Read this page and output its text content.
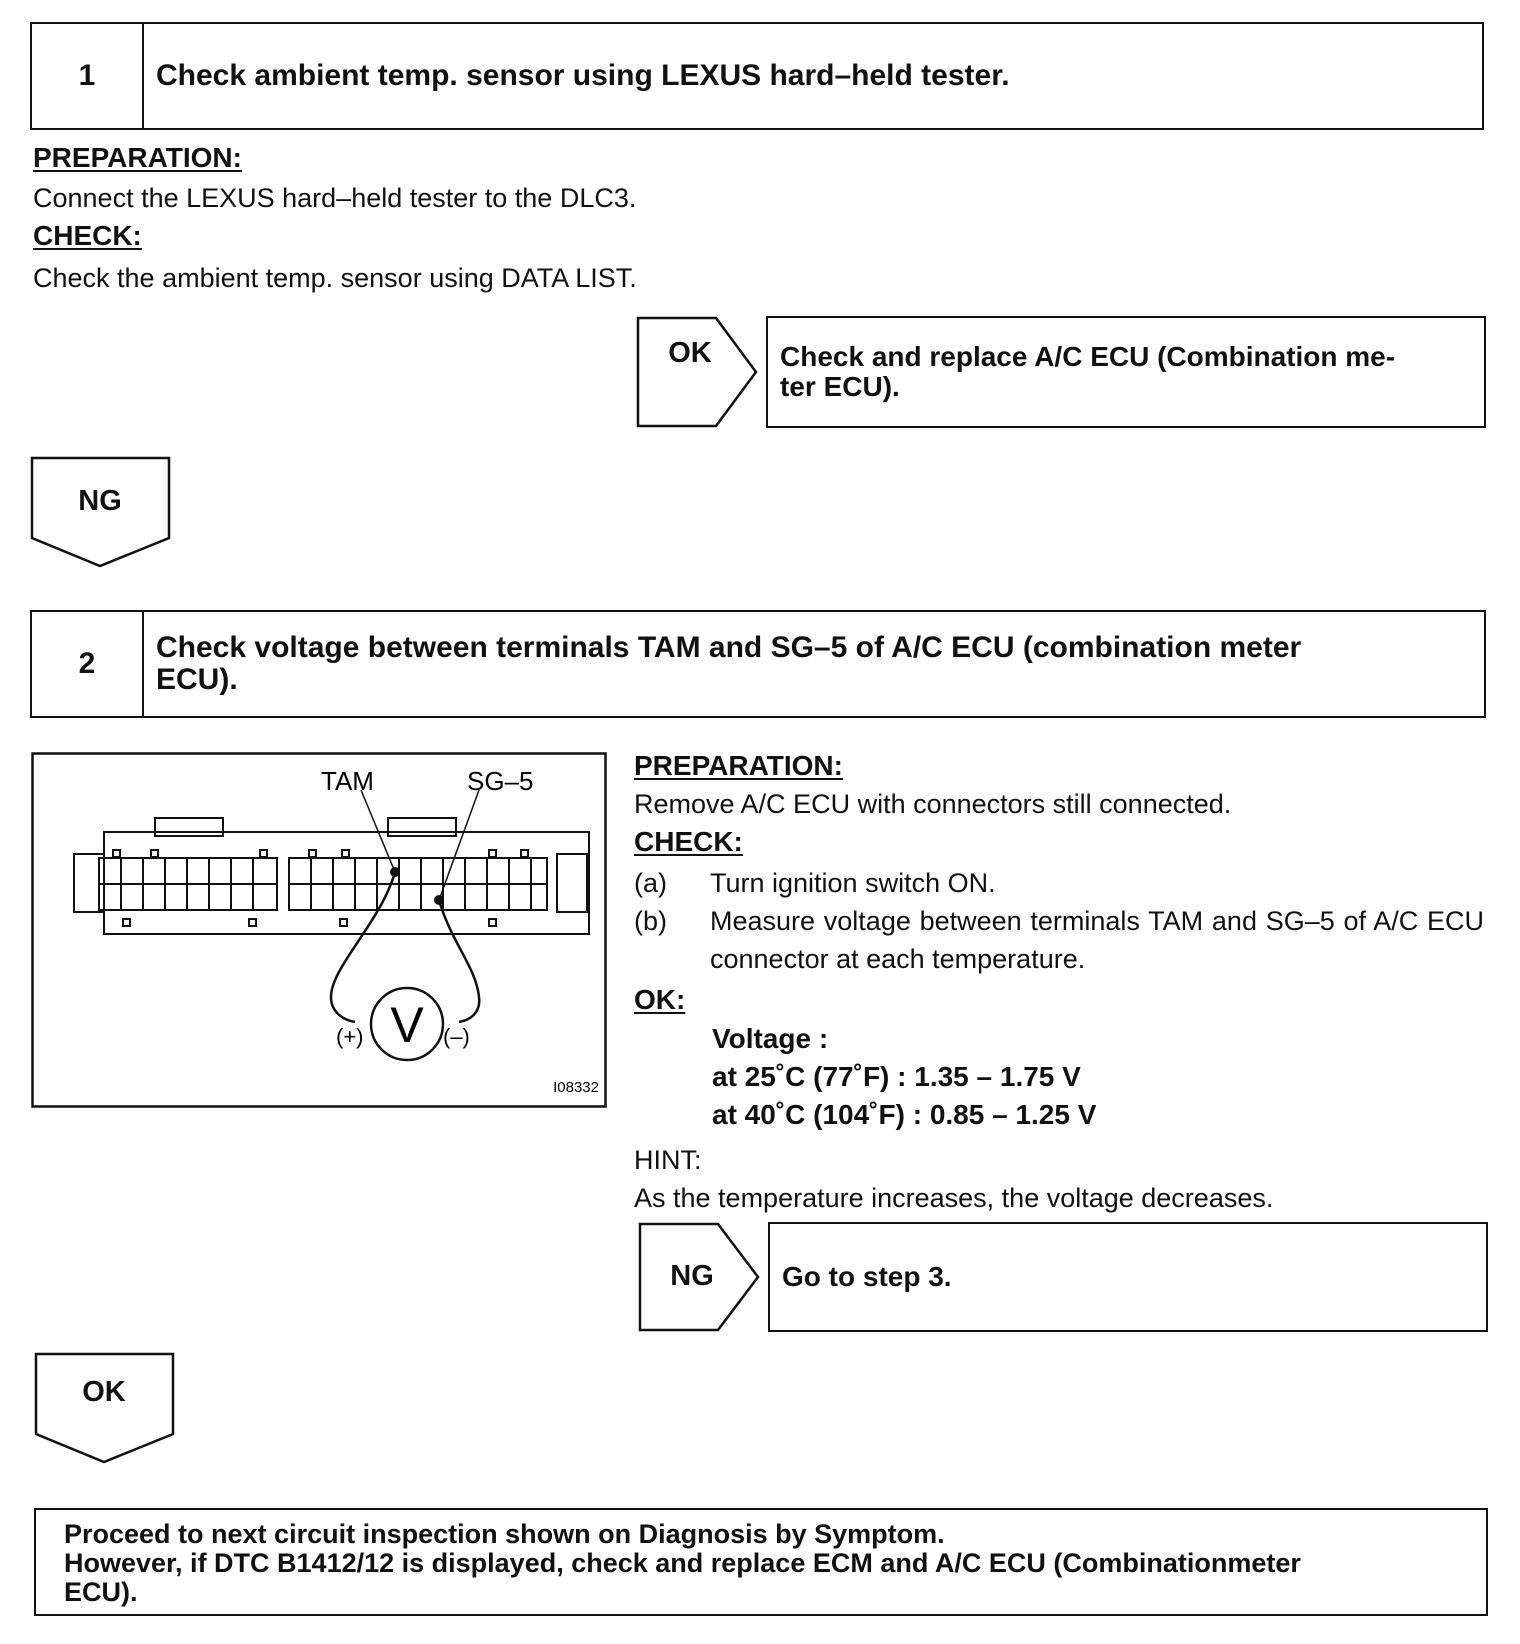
1	Check ambient temp. sensor using LEXUS hard–held tester.
PREPARATION:
Connect the LEXUS hard–held tester to the DLC3.
CHECK:
Check the ambient temp. sensor using DATA LIST.
OK	Check and replace A/C ECU (Combination me-
ter ECU).
NG
2	Check voltage between terminals TAM and SG–5 of A/C ECU (combination meter
ECU).
V
TAM	SG–5
(+)	(–)
I08332
PREPARATION:
Remove A/C ECU with connectors still connected.
CHECK:
(a)	Turn ignition switch ON.
(b)	Measure voltage between terminals TAM and SG–5 of A/C ECU connector at each temperature.
OK:
Voltage :
at 25˚C (77˚F) : 1.35 – 1.75 V
at 40˚C (104˚F) : 0.85 – 1.25 V
HINT:
As the temperature increases, the voltage decreases.
NG	Go to step 3.
OK
Proceed to next circuit inspection shown on Diagnosis by Symptom.
However, if DTC B1412/12 is displayed, check and replace ECM and A/C ECU (Combinationmeter
ECU).
